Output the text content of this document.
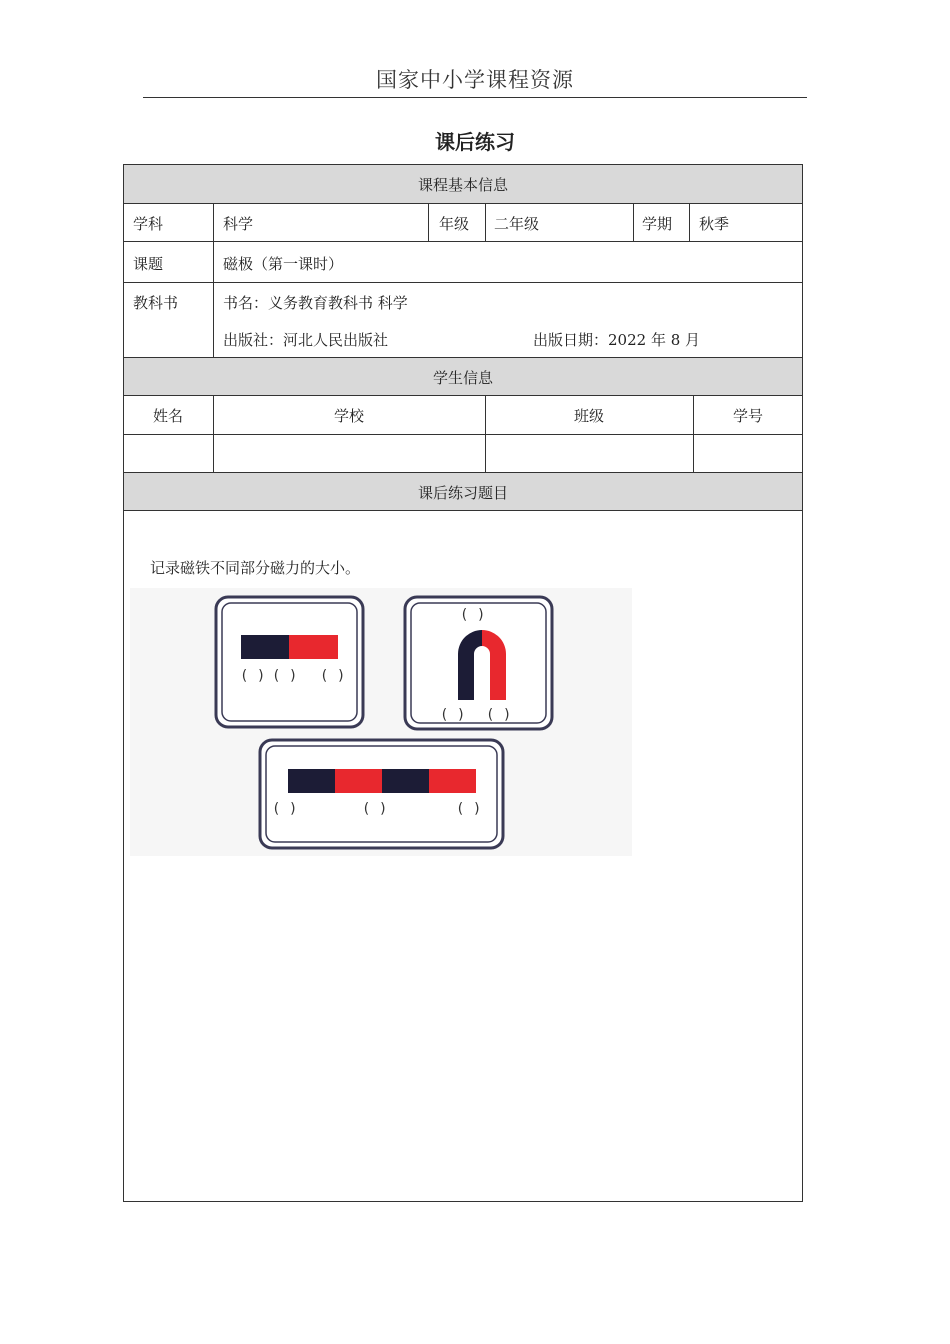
国家中小学课程资源
课后练习
课程基本信息
学科	科学	年级 二年级	学期 秋季
课题	磁极（第一课时）
教科书	书名：义务教育教科书 科学
出版社：河北人民出版社	出版日期：2022 年 8 月
学生信息
姓名	学校	班级	学号
课后练习题目
记录磁铁不同部分磁力的大小。
( ) ( ) ( )
( )
( ) ( )
( )	( )	( )
